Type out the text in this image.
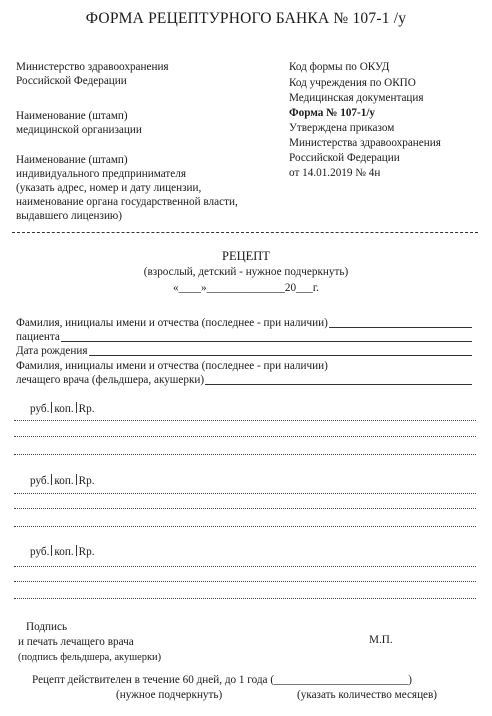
ФОРМА РЕЦЕПТУРНОГО БАНКА № 107-1 /у
Министерство здравоохранения
Российской Федерации
Наименование (штамп)
медицинской организации
Наименование (штамп)
индивидуального предпринимателя
(указать адрес, номер и дату лицензии,
наименование органа государственной власти,
выдавшего лицензию)
Код формы по ОКУД
Код учреждения по ОКПО
Медицинская документация
Форма № 107-1/у
Утверждена приказом
Министерства здравоохранения
Российской Федерации
от 14.01.2019 № 4н
РЕЦЕПТ
(взрослый, детский - нужное подчеркнуть)
«____»______________20___г.
Фамилия, инициалы имени и отчества (последнее - при наличии)
пациента
Дата рождения
Фамилия, инициалы имени и отчества (последнее - при наличии)
лечащего врача (фельдшера, акушерки)
руб. коп. Rp.
руб. коп. Rp.
руб. коп. Rp.
Подпись
и печать лечащего врача
(подпись фельдшера, акушерки)
М.П.
Рецепт действителен в течение 60 дней, до 1 года (________________________)
(нужное подчеркнуть)	(указать количество месяцев)
